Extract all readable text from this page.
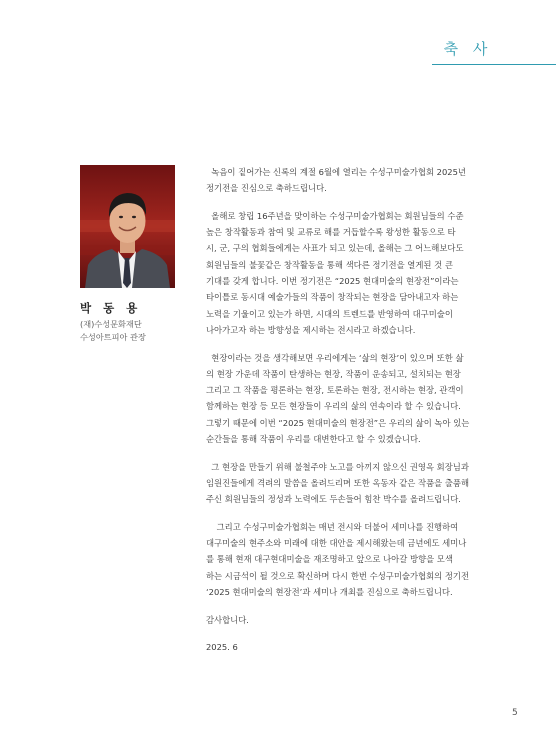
축 사
박 동 용
(재)수성문화재단
수성아트피아 관장
녹음이 짙어가는 신록의 계절 6월에 열리는 수성구미술가협회 2025년
정기전을 진심으로 축하드립니다.
올해로 창립 16주년을 맞이하는 수성구미술가협회는 회원님들의 수준
높은 창작활동과 참여 및 교류로 해를 거듭할수록 왕성한 활동으로 타
시, 군, 구의 협회들에게는 사표가 되고 있는데, 올해는 그 어느해보다도
회원님들의 불꽃같은 창작활동을 통해 색다른 정기전을 열게된 것 큰
기대를 갖게 합니다. 이번 정기전은 “2025 현대미술의 현장전”이라는
타이틀로 동시대 예술가들의 작품이 창작되는 현장을 담아내고자 하는
노력을 기울이고 있는가 하면, 시대의 트렌드를 반영하여 대구미술이
나아가고자 하는 방향성을 제시하는 전시라고 하겠습니다.
현장이라는 것을 생각해보면 우리에게는 ‘삶의 현장’이 있으며 또한 삶
의 현장 가운데 작품이 탄생하는 현장, 작품이 운송되고, 설치되는 현장
그리고 그 작품을 평론하는 현장, 토론하는 현장, 전시하는 현장, 관객이
함께하는 현장 등 모든 현장들이 우리의 삶의 연속이라 할 수 있습니다.
그렇기 때문에 이번 “2025 현대미술의 현장전”은 우리의 삶이 녹아 있는
순간들을 통해 작품이 우리를 대변한다고 할 수 있겠습니다.
그 현장을 만들기 위해 불철주야 노고를 아끼지 않으신 권영옥 회장님과
임원진들에게 격려의 말씀을 올려드리며 또한 옥동자 같은 작품을 출품해
주신 회원님들의 정성과 노력에도 두손들어 힘찬 박수를 올려드립니다.
그리고 수성구미술가협회는 매년 전시와 더불어 세미나를 진행하여
대구미술의 현주소와 미래에 대한 대안을 제시해왔는데 금년에도 세미나
를 통해 현재 대구현대미술을 재조명하고 앞으로 나아갈 방향을 모색
하는 시금석이 될 것으로 확신하며 다시 한번 수성구미술가협회의 정기전
‘2025 현대미술의 현장전’과 세미나 개최를 진심으로 축하드립니다.
감사합니다.
2025. 6
5
